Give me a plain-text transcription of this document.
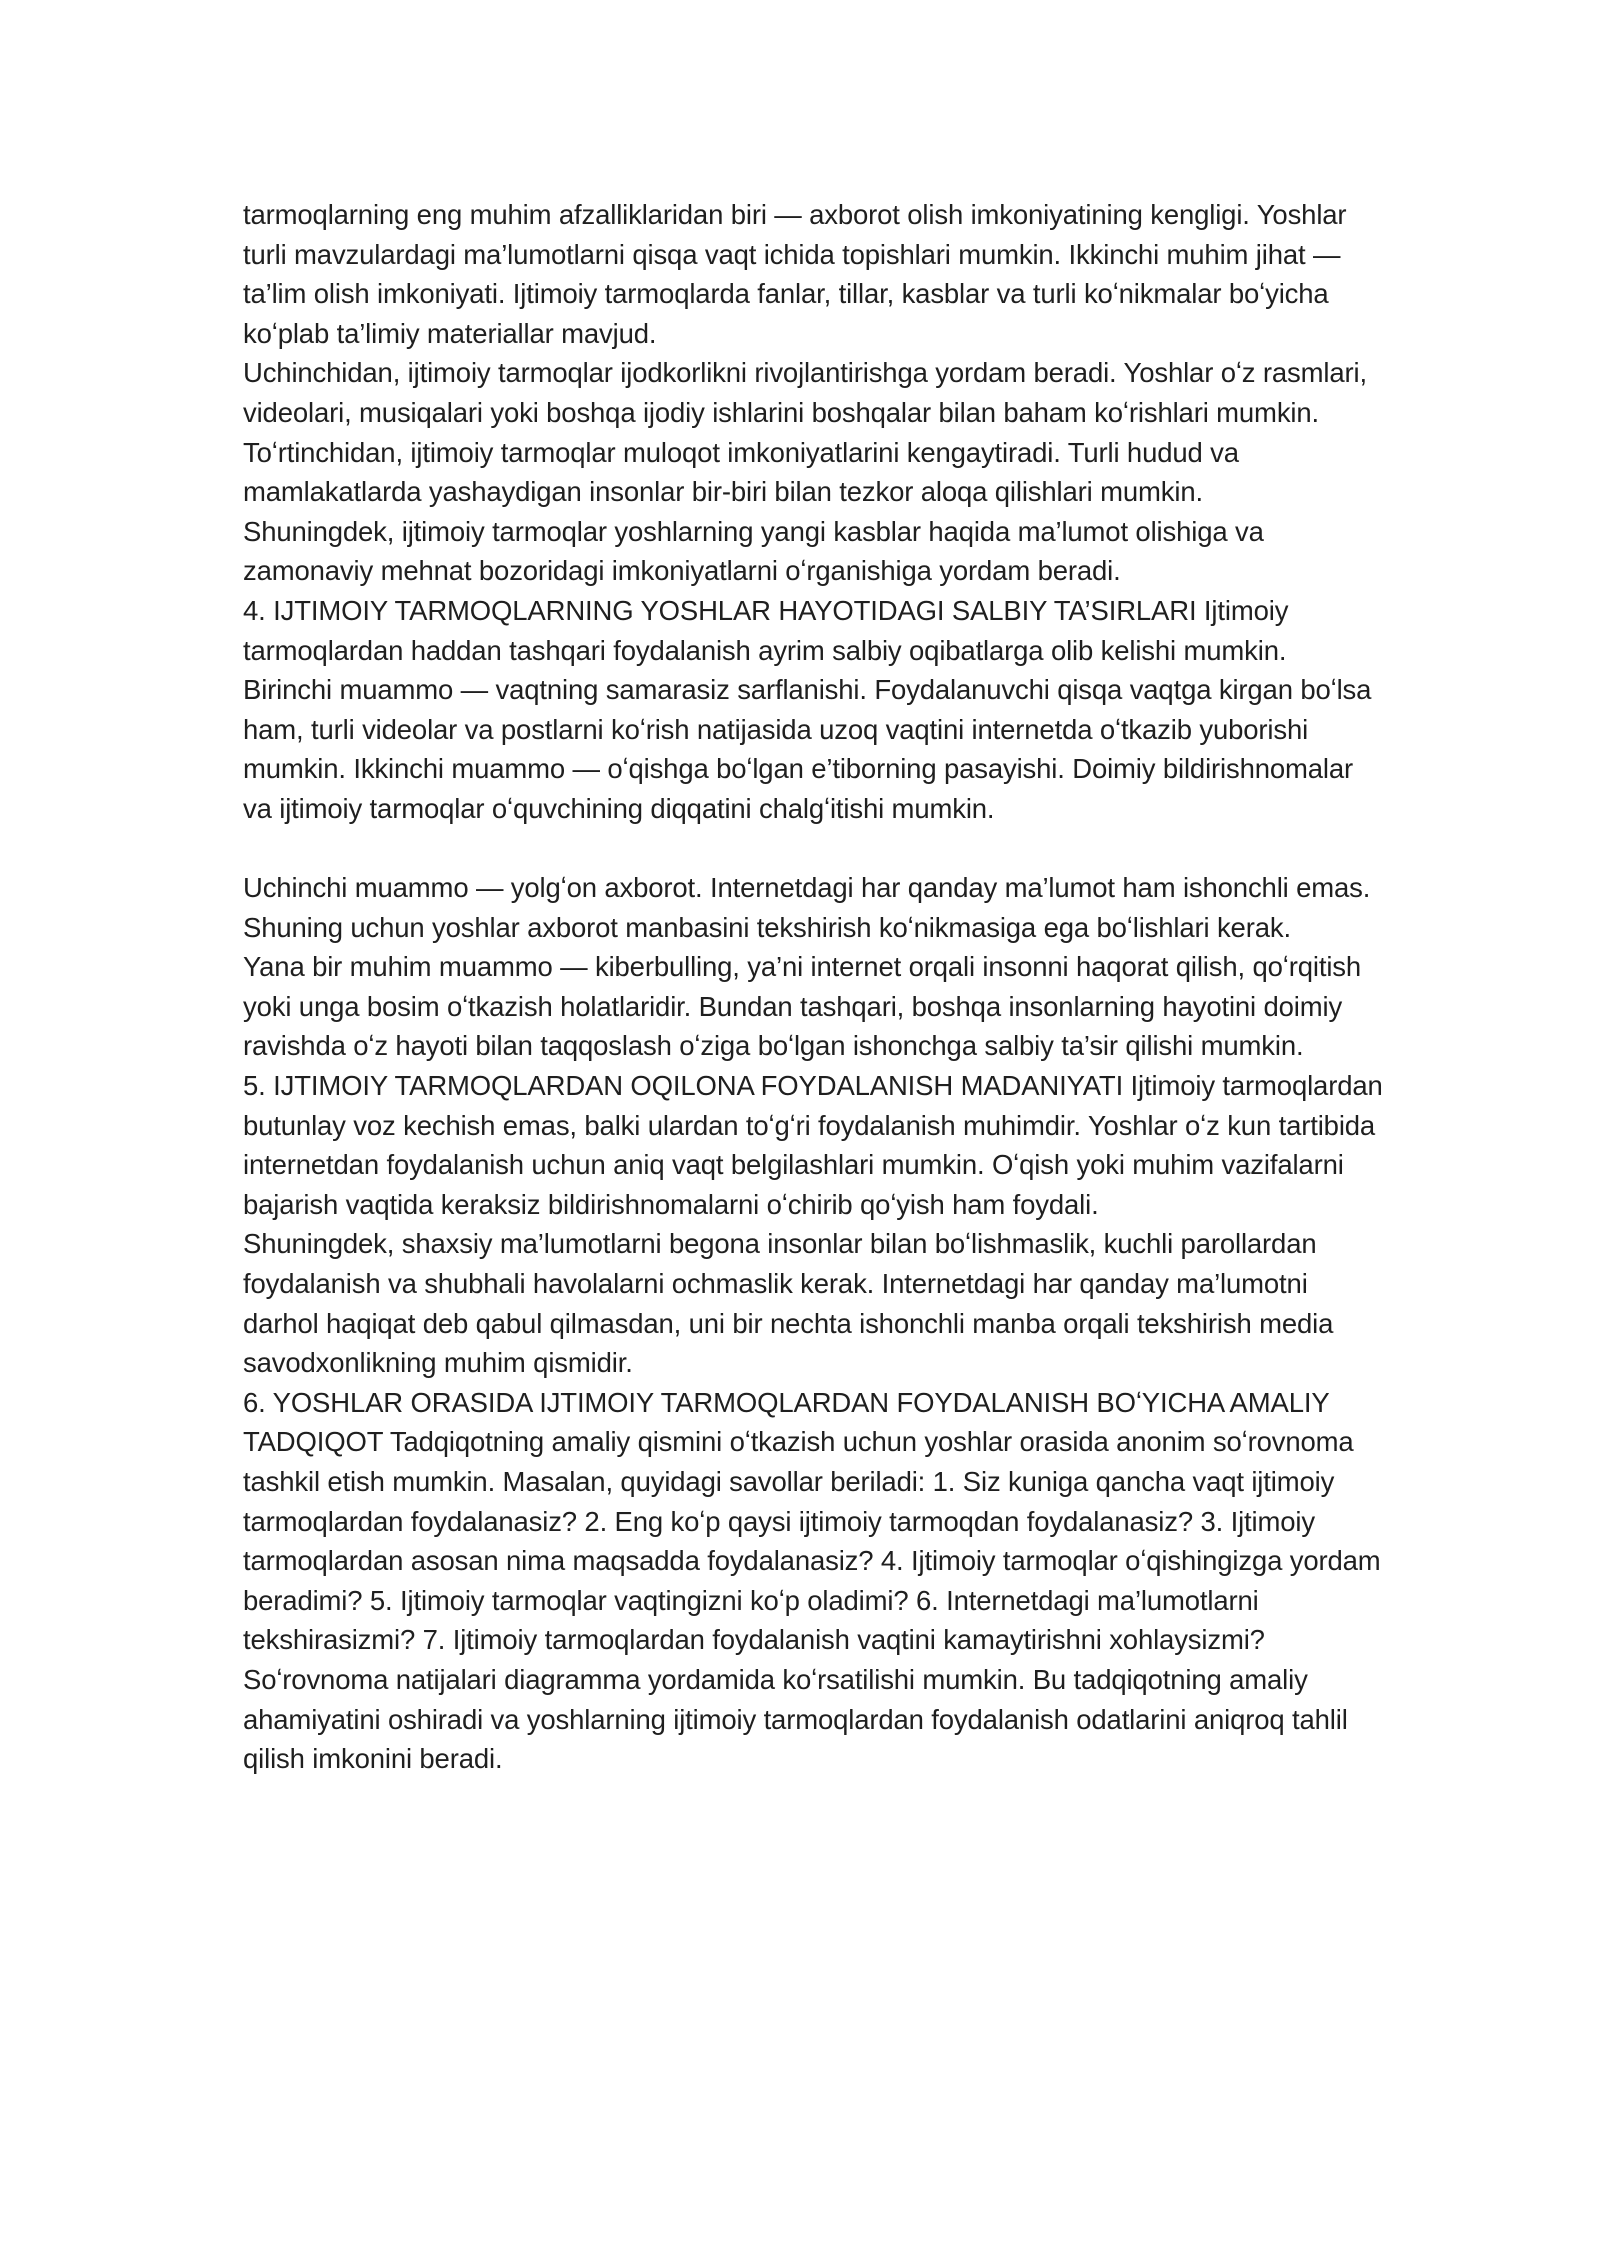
tarmoqlarning eng muhim afzalliklaridan biri — axborot olish imkoniyatining kengligi. Yoshlar turli mavzulardagi ma’lumotlarni qisqa vaqt ichida topishlari mumkin. Ikkinchi muhim jihat — ta’lim olish imkoniyati. Ijtimoiy tarmoqlarda fanlar, tillar, kasblar va turli koʻnikmalar boʻyicha koʻplab ta’limiy materiallar mavjud.

Uchinchidan, ijtimoiy tarmoqlar ijodkorlikni rivojlantirishga yordam beradi. Yoshlar oʻz rasmlari, videolari, musiqalari yoki boshqa ijodiy ishlarini boshqalar bilan baham koʻrishlari mumkin. Toʻrtinchidan, ijtimoiy tarmoqlar muloqot imkoniyatlarini kengaytiradi. Turli hudud va mamlakatlarda yashaydigan insonlar bir-biri bilan tezkor aloqa qilishlari mumkin.

Shuningdek, ijtimoiy tarmoqlar yoshlarning yangi kasblar haqida ma’lumot olishiga va zamonaviy mehnat bozoridagi imkoniyatlarni oʻrganishiga yordam beradi.

4. IJTIMOIY TARMOQLARNING YOSHLAR HAYOTIDAGI SALBIY TA’SIRLARI Ijtimoiy tarmoqlardan haddan tashqari foydalanish ayrim salbiy oqibatlarga olib kelishi mumkin.

Birinchi muammo — vaqtning samarasiz sarflanishi. Foydalanuvchi qisqa vaqtga kirgan boʻlsa ham, turli videolar va postlarni koʻrish natijasida uzoq vaqtini internetda oʻtkazib yuborishi mumkin. Ikkinchi muammo — oʻqishga boʻlgan e’tiborning pasayishi. Doimiy bildirishnomalar va ijtimoiy tarmoqlar oʻquvchining diqqatini chalgʻitishi mumkin.

Uchinchi muammo — yolgʻon axborot. Internetdagi har qanday ma’lumot ham ishonchli emas. Shuning uchun yoshlar axborot manbasini tekshirish koʻnikmasiga ega boʻlishlari kerak.

Yana bir muhim muammo — kiberbulling, ya’ni internet orqali insonni haqorat qilish, qoʻrqitish yoki unga bosim oʻtkazish holatlaridir. Bundan tashqari, boshqa insonlarning hayotini doimiy ravishda oʻz hayoti bilan taqqoslash oʻziga boʻlgan ishonchga salbiy ta’sir qilishi mumkin.

5. IJTIMOIY TARMOQLARDAN OQILONA FOYDALANISH MADANIYATI Ijtimoiy tarmoqlardan butunlay voz kechish emas, balki ulardan toʻgʻri foydalanish muhimdir. Yoshlar oʻz kun tartibida internetdan foydalanish uchun aniq vaqt belgilashlari mumkin. Oʻqish yoki muhim vazifalarni bajarish vaqtida keraksiz bildirishnomalarni oʻchirib qoʻyish ham foydali.

Shuningdek, shaxsiy ma’lumotlarni begona insonlar bilan boʻlishmaslik, kuchli parollardan foydalanish va shubhali havolalarni ochmaslik kerak. Internetdagi har qanday ma’lumotni darhol haqiqat deb qabul qilmasdan, uni bir nechta ishonchli manba orqali tekshirish media savodxonlikning muhim qismidir.

6. YOSHLAR ORASIDA IJTIMOIY TARMOQLARDAN FOYDALANISH BOʻYICHA AMALIY TADQIQOT Tadqiqotning amaliy qismini oʻtkazish uchun yoshlar orasida anonim soʻrovnoma tashkil etish mumkin. Masalan, quyidagi savollar beriladi: 1. Siz kuniga qancha vaqt ijtimoiy tarmoqlardan foydalanasiz? 2. Eng koʻp qaysi ijtimoiy tarmoqdan foydalanasiz? 3. Ijtimoiy tarmoqlardan asosan nima maqsadda foydalanasiz? 4. Ijtimoiy tarmoqlar oʻqishingizga yordam beradimi? 5. Ijtimoiy tarmoqlar vaqtingizni koʻp oladimi? 6. Internetdagi ma’lumotlarni tekshirasizmi? 7. Ijtimoiy tarmoqlardan foydalanish vaqtini kamaytirishni xohlaysizmi? Soʻrovnoma natijalari diagramma yordamida koʻrsatilishi mumkin. Bu tadqiqotning amaliy ahamiyatini oshiradi va yoshlarning ijtimoiy tarmoqlardan foydalanish odatlarini aniqroq tahlil qilish imkonini beradi.
